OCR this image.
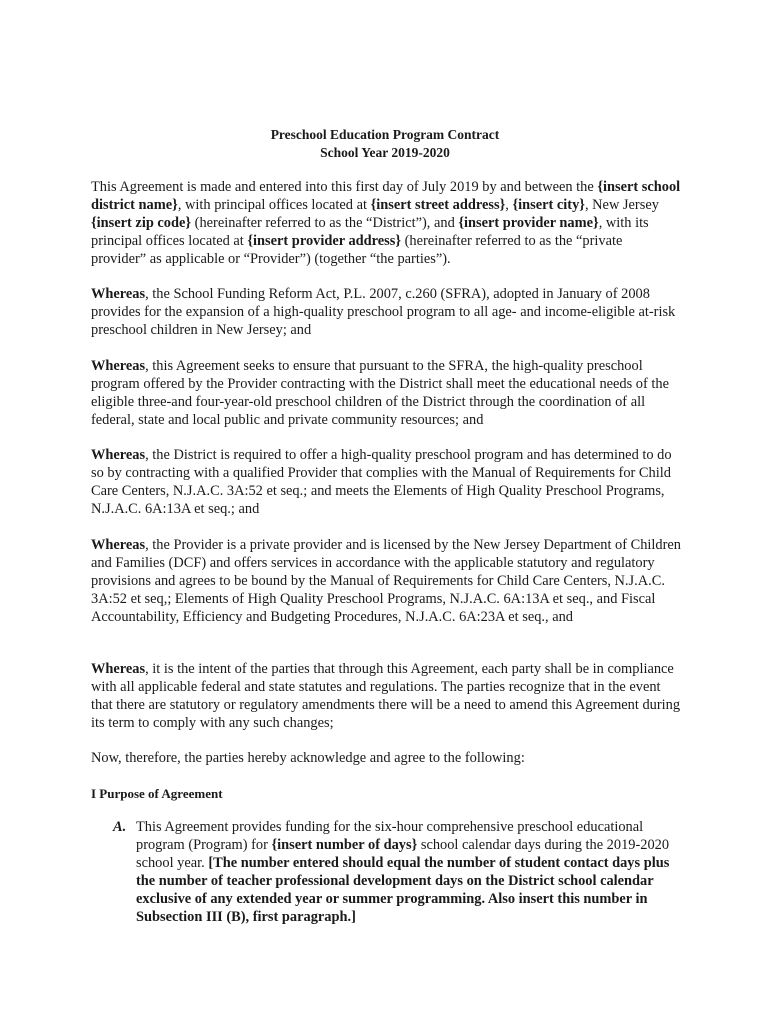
Preschool Education Program Contract
School Year 2019-2020
This Agreement is made and entered into this first day of July 2019 by and between the {insert school district name}, with principal offices located at {insert street address}, {insert city}, New Jersey {insert zip code} (hereinafter referred to as the “District”), and {insert provider name}, with its principal offices located at {insert provider address} (hereinafter referred to as the “private provider” as applicable or “Provider”) (together “the parties”).
Whereas, the School Funding Reform Act, P.L. 2007, c.260 (SFRA), adopted in January of 2008 provides for the expansion of a high-quality preschool program to all age- and income-eligible at-risk preschool children in New Jersey; and
Whereas, this Agreement seeks to ensure that pursuant to the SFRA, the high-quality preschool program offered by the Provider contracting with the District shall meet the educational needs of the eligible three-and four-year-old preschool children of the District through the coordination of all federal, state and local public and private community resources; and
Whereas, the District is required to offer a high-quality preschool program and has determined to do so by contracting with a qualified Provider that complies with the Manual of Requirements for Child Care Centers, N.J.A.C. 3A:52 et seq.; and meets the Elements of High Quality Preschool Programs, N.J.A.C. 6A:13A et seq.; and
Whereas, the Provider is a private provider and is licensed by the New Jersey Department of Children and Families (DCF) and offers services in accordance with the applicable statutory and regulatory provisions and agrees to be bound by the Manual of Requirements for Child Care Centers, N.J.A.C. 3A:52 et seq,; Elements of High Quality Preschool Programs, N.J.A.C. 6A:13A et seq., and Fiscal Accountability, Efficiency and Budgeting Procedures, N.J.A.C. 6A:23A et seq., and
Whereas, it is the intent of the parties that through this Agreement, each party shall be in compliance with all applicable federal and state statutes and regulations. The parties recognize that in the event that there are statutory or regulatory amendments there will be a need to amend this Agreement during its term to comply with any such changes;
Now, therefore, the parties hereby acknowledge and agree to the following:
I Purpose of Agreement
A. This Agreement provides funding for the six-hour comprehensive preschool educational program (Program) for {insert number of days} school calendar days during the 2019-2020 school year. [The number entered should equal the number of student contact days plus the number of teacher professional development days on the District school calendar exclusive of any extended year or summer programming. Also insert this number in Subsection III (B), first paragraph.]
